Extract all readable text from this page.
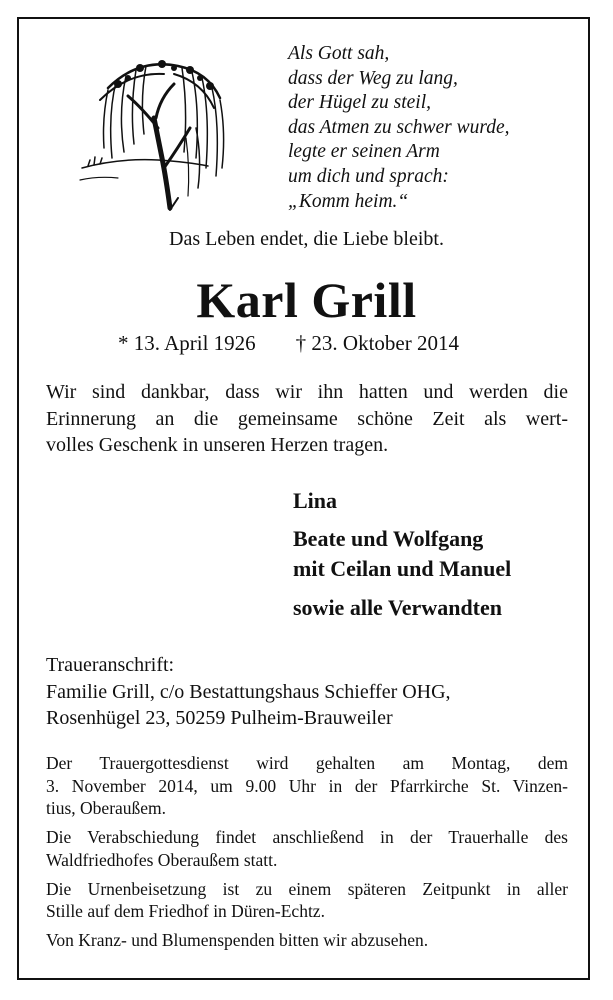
Als Gott sah,
dass der Weg zu lang,
der Hügel zu steil,
das Atmen zu schwer wurde,
legte er seinen Arm
um dich und sprach:
„Komm heim.“
Das Leben endet, die Liebe bleibt.
Karl Grill
* 13. April 1926 † 23. Oktober 2014
Wir sind dankbar, dass wir ihn hatten und werden die
Erinnerung an die gemeinsame schöne Zeit als wert-
volles Geschenk in unseren Herzen tragen.
Lina
Beate und Wolfgang
mit Ceilan und Manuel
sowie alle Verwandten
Traueranschrift:
Familie Grill, c/o Bestattungshaus Schieffer OHG,
Rosenhügel 23, 50259 Pulheim-Brauweiler

Der Trauergottesdienst wird gehalten am Montag, dem
3. November 2014, um 9.00 Uhr in der Pfarrkirche St. Vinzen-
tius, Oberaußem.

Die Verabschiedung findet anschließend in der Trauerhalle des
Waldfriedhofes Oberaußem statt.

Die Urnenbeisetzung ist zu einem späteren Zeitpunkt in aller
Stille auf dem Friedhof in Düren-Echtz.

Von Kranz- und Blumenspenden bitten wir abzusehen.
